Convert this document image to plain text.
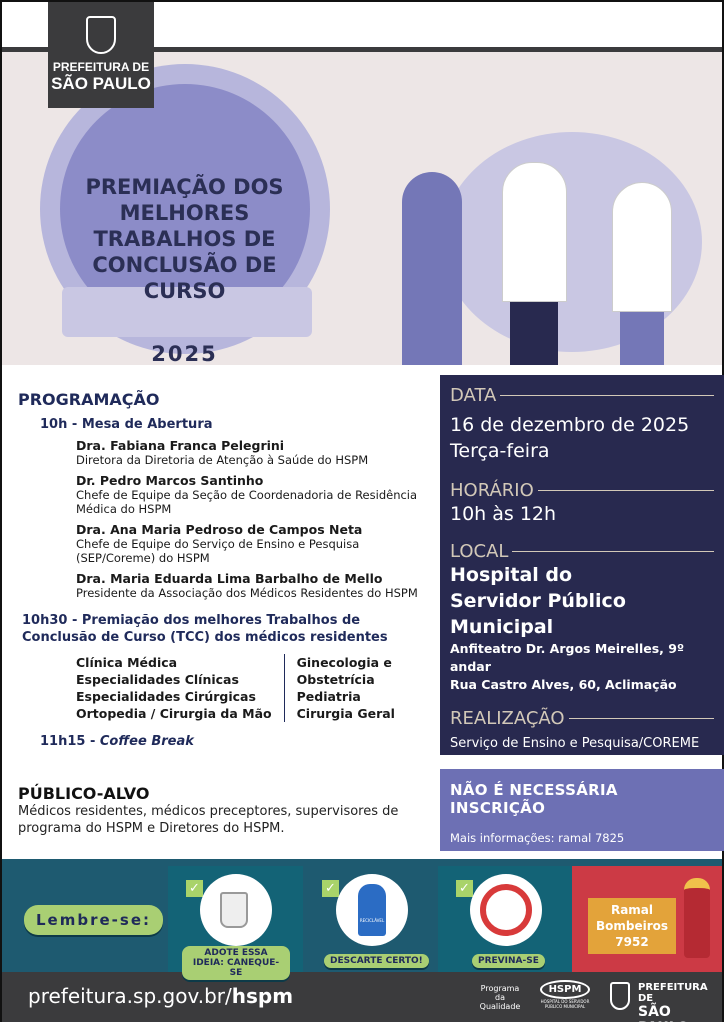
PREMIAÇÃO DOS MELHORES TRABALHOS DE CONCLUSÃO DE CURSO
2025
PREFEITURA DE
SÃO PAULO
PROGRAMAÇÃO
10h - Mesa de Abertura
Dra. Fabiana Franca Pelegrini
Diretora da Diretoria de Atenção à Saúde do HSPM
Dr. Pedro Marcos Santinho
Chefe de Equipe da Seção de Coordenadoria de Residência Médica do HSPM
Dra. Ana Maria Pedroso de Campos Neta
Chefe de Equipe do Serviço de Ensino e Pesquisa (SEP/Coreme) do HSPM
Dra. Maria Eduarda Lima Barbalho de Mello
Presidente da Associação dos Médicos Residentes do HSPM
10h30 - Premiação dos melhores Trabalhos de Conclusão de Curso (TCC) dos médicos residentes
Clínica Médica
Especialidades Clínicas
Especialidades Cirúrgicas
Ortopedia / Cirurgia da Mão
Ginecologia e
Obstetrícia
Pediatria
Cirurgia Geral
11h15 - Coffee Break
PÚBLICO-ALVO
Médicos residentes, médicos preceptores, supervisores de programa do HSPM e Diretores do HSPM.
DATA
16 de dezembro de 2025
Terça-feira
HORÁRIO
10h às 12h
LOCAL
Hospital do Servidor Público Municipal
Anfiteatro Dr. Argos Meirelles, 9º andar
Rua Castro Alves, 60, Aclimação
REALIZAÇÃO
Serviço de Ensino e Pesquisa/COREME
NÃO É NECESSÁRIA INSCRIÇÃO
Mais informações: ramal 7825
✓
ADOTE ESSA IDEIA: CANEQUE-SE
✓
PREVINA-SE
✓
RECICLÁVEL
DESCARTE CERTO!
Lembre-se:
Ramal Bombeiros 7952
prefeitura.sp.gov.br/hspm	Programa da Qualidade
HSPM
HOSPITAL DO SERVIDOR PÚBLICO MUNICIPAL
PREFEITURA DE
SÃO PAULO
